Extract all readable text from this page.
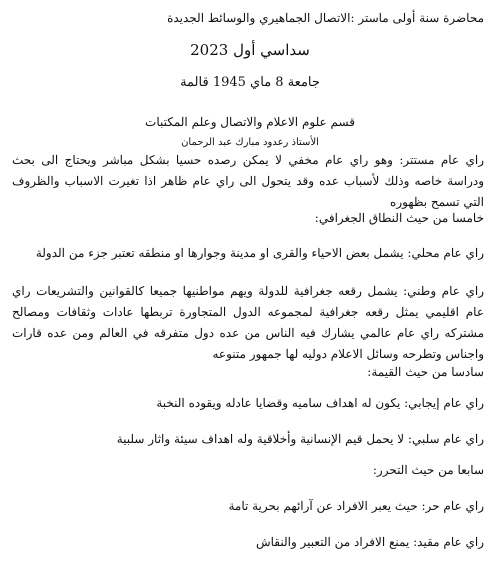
محاضرة سنة أولى ماستر :الاتصال الجماهيري والوسائط الجديدة
سداسي أول 2023
جامعة 8 ماي 1945 قالمة
قسم علوم الاعلام والاتصال وعلم المكتبات
الأستاذ رعدود مبارك عبد الرحمان
راي عام مستتر: وهو راي عام مخفي لا يمكن رصده حسيا بشكل مباشر ويحتاج الى بحث ودراسة خاصه وذلك لأسباب عده وقد يتحول الى راي عام ظاهر اذا تغيرت الاسباب والظروف التي تسمح بظهوره
خامسا من حيث النطاق الجغرافي:
راي عام محلي: يشمل بعض الاحياء والقرى او مدينة وجوارها او منطقه تعتبر جزء من الدولة
راي عام وطني: يشمل رقعه جغرافية للدولة ويهم مواطنيها جميعا كالقوانين والتشريعات راي عام اقليمي يمثل رقعه جغرافية لمجموعه الدول المتجاورة تربطها عادات وثقافات ومصالح مشتركه راي عام عالمي يشارك فيه الناس من عده دول متفرقه في العالم ومن عده قارات واجناس وتطرحه وسائل الاعلام دوليه لها جمهور متنوعه
سادسا من حيث القيمة:
راي عام إيجابي: يكون له اهداف ساميه وقضايا عادله ويقوده النخبة
راي عام سلبي: لا يحمل قيم الإنسانية وأخلاقية وله اهداف سيئة واثار سلبية
سابعا من حيث التحرر:
راي عام حر: حيث يعبر الافراد عن آرائهم بحرية تامة
راي عام مقيد: يمنع الافراد من التعبير والنقاش
